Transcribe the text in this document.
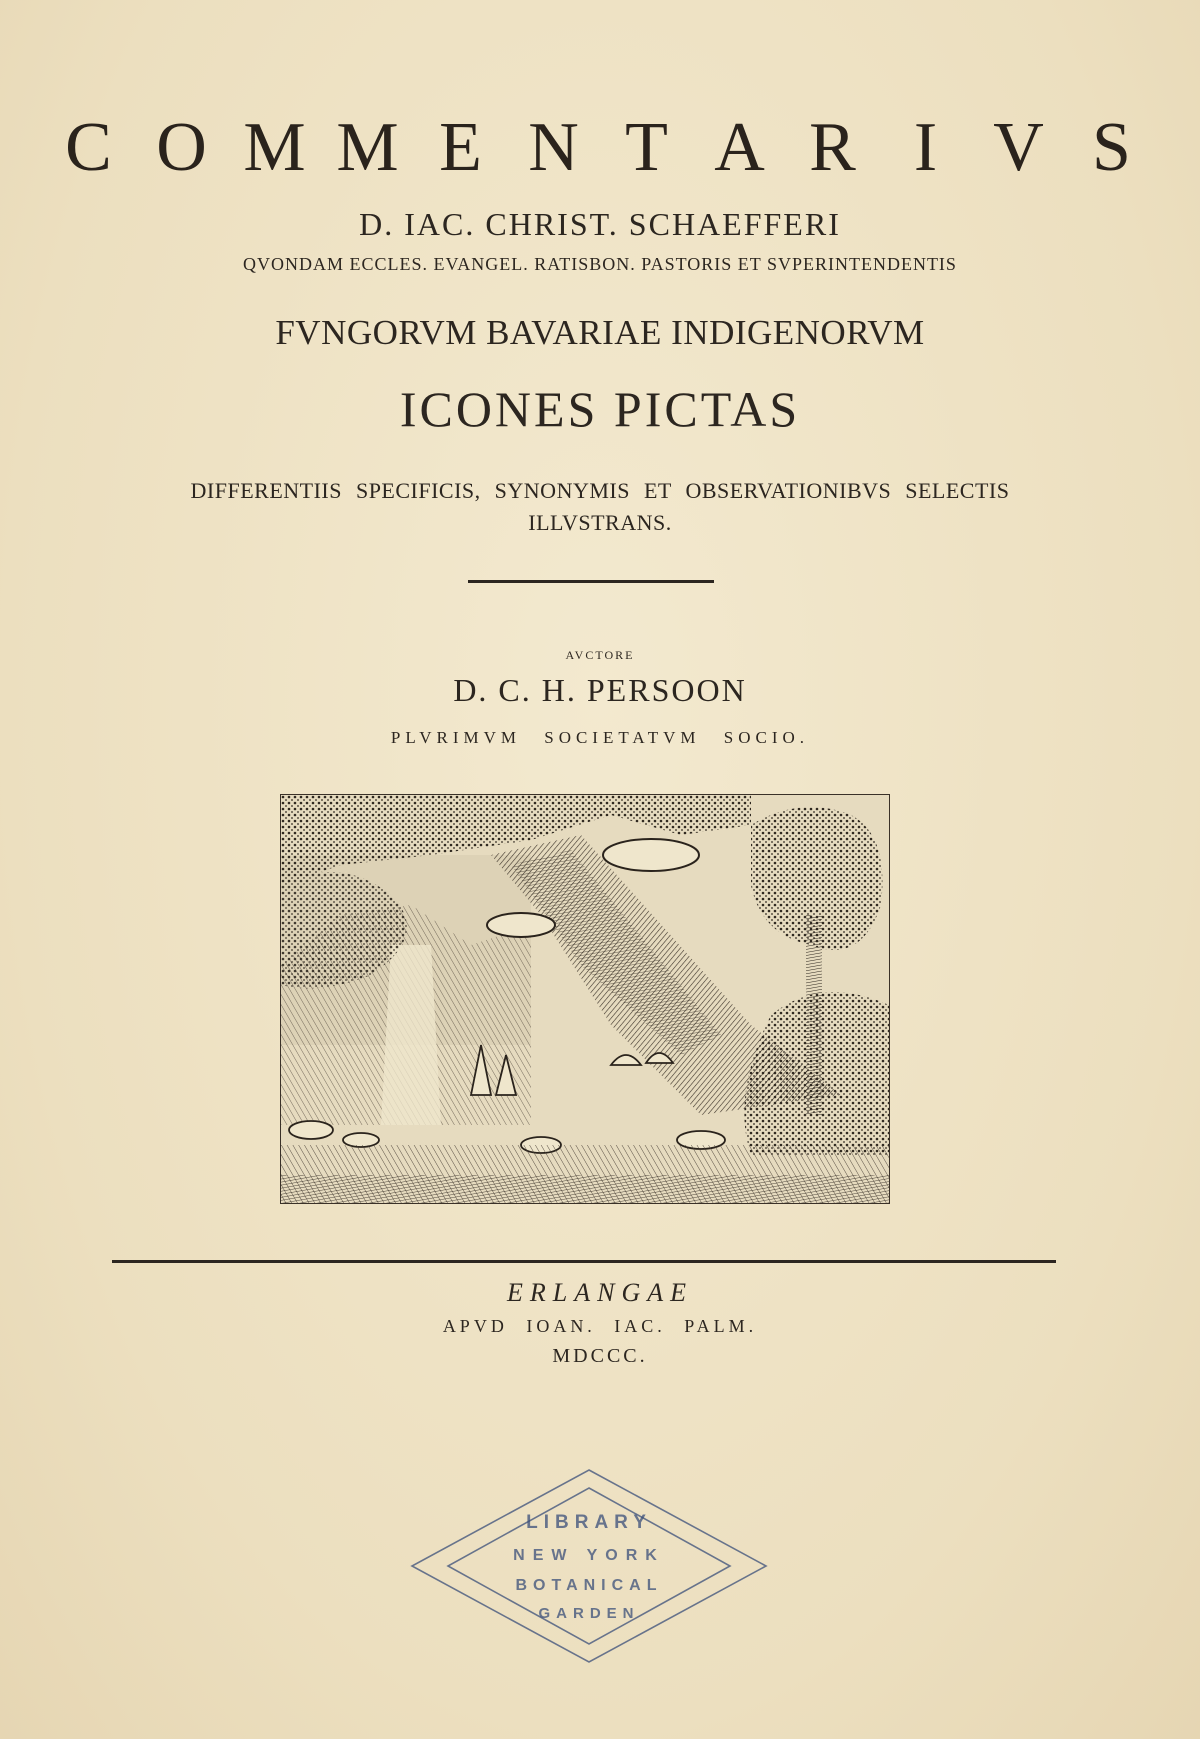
C O M M E N T A R I V S
D. IAC. CHRIST. SCHAEFFERI
QVONDAM ECCLES. EVANGEL. RATISBON. PASTORIS ET SVPERINTENDENTIS
FVNGORVM BAVARIAE INDIGENORVM
ICONES PICTAS
DIFFERENTIIS SPECIFICIS, SYNONYMIS ET OBSERVATIONIBVS SELECTIS
ILLVSTRANS.
AVCTORE
D. C. H. PERSOON
PLVRIMVM SOCIETATVM SOCIO.
ERLANGAE
APVD IOAN. IAC. PALM.
MDCCC.
LIBRARY
NEW YORK
BOTANICAL
GARDEN
